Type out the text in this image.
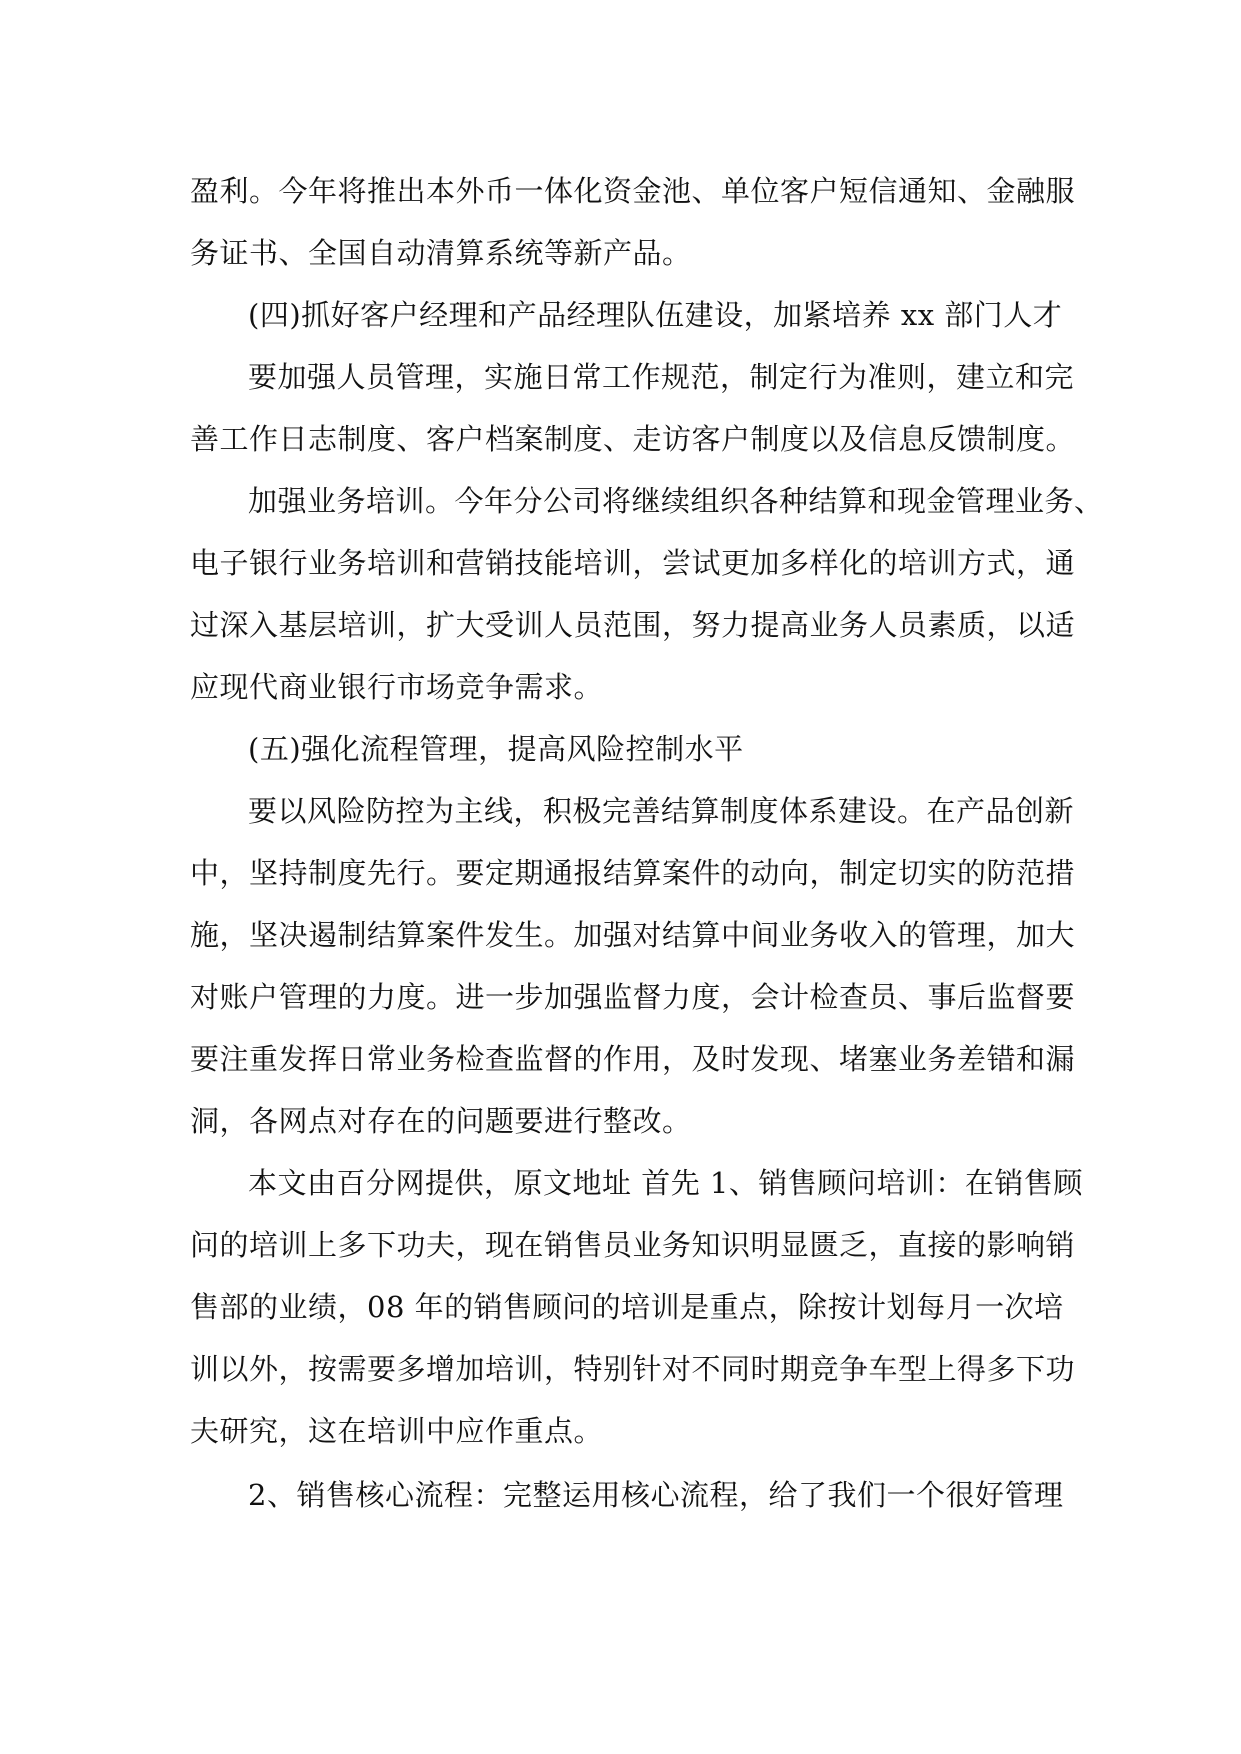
盈利。今年将推出本外币一体化资金池、单位客户短信通知、金融服
务证书、全国自动清算系统等新产品。
(四)抓好客户经理和产品经理队伍建设，加紧培养 xx 部门人才
要加强人员管理，实施日常工作规范，制定行为准则，建立和完
善工作日志制度、客户档案制度、走访客户制度以及信息反馈制度。
加强业务培训。今年分公司将继续组织各种结算和现金管理业务、
电子银行业务培训和营销技能培训，尝试更加多样化的培训方式，通
过深入基层培训，扩大受训人员范围，努力提高业务人员素质，以适
应现代商业银行市场竞争需求。
(五)强化流程管理，提高风险控制水平
要以风险防控为主线，积极完善结算制度体系建设。在产品创新
中，坚持制度先行。要定期通报结算案件的动向，制定切实的防范措
施，坚决遏制结算案件发生。加强对结算中间业务收入的管理，加大
对账户管理的力度。进一步加强监督力度，会计检查员、事后监督要
要注重发挥日常业务检查监督的作用，及时发现、堵塞业务差错和漏
洞，各网点对存在的问题要进行整改。
本文由百分网提供，原文地址 首先 1、销售顾问培训：在销售顾
问的培训上多下功夫，现在销售员业务知识明显匮乏，直接的影响销
售部的业绩，08 年的销售顾问的培训是重点，除按计划每月一次培
训以外，按需要多增加培训，特别针对不同时期竞争车型上得多下功
夫研究，这在培训中应作重点。
2、销售核心流程：完整运用核心流程，给了我们一个很好管理
